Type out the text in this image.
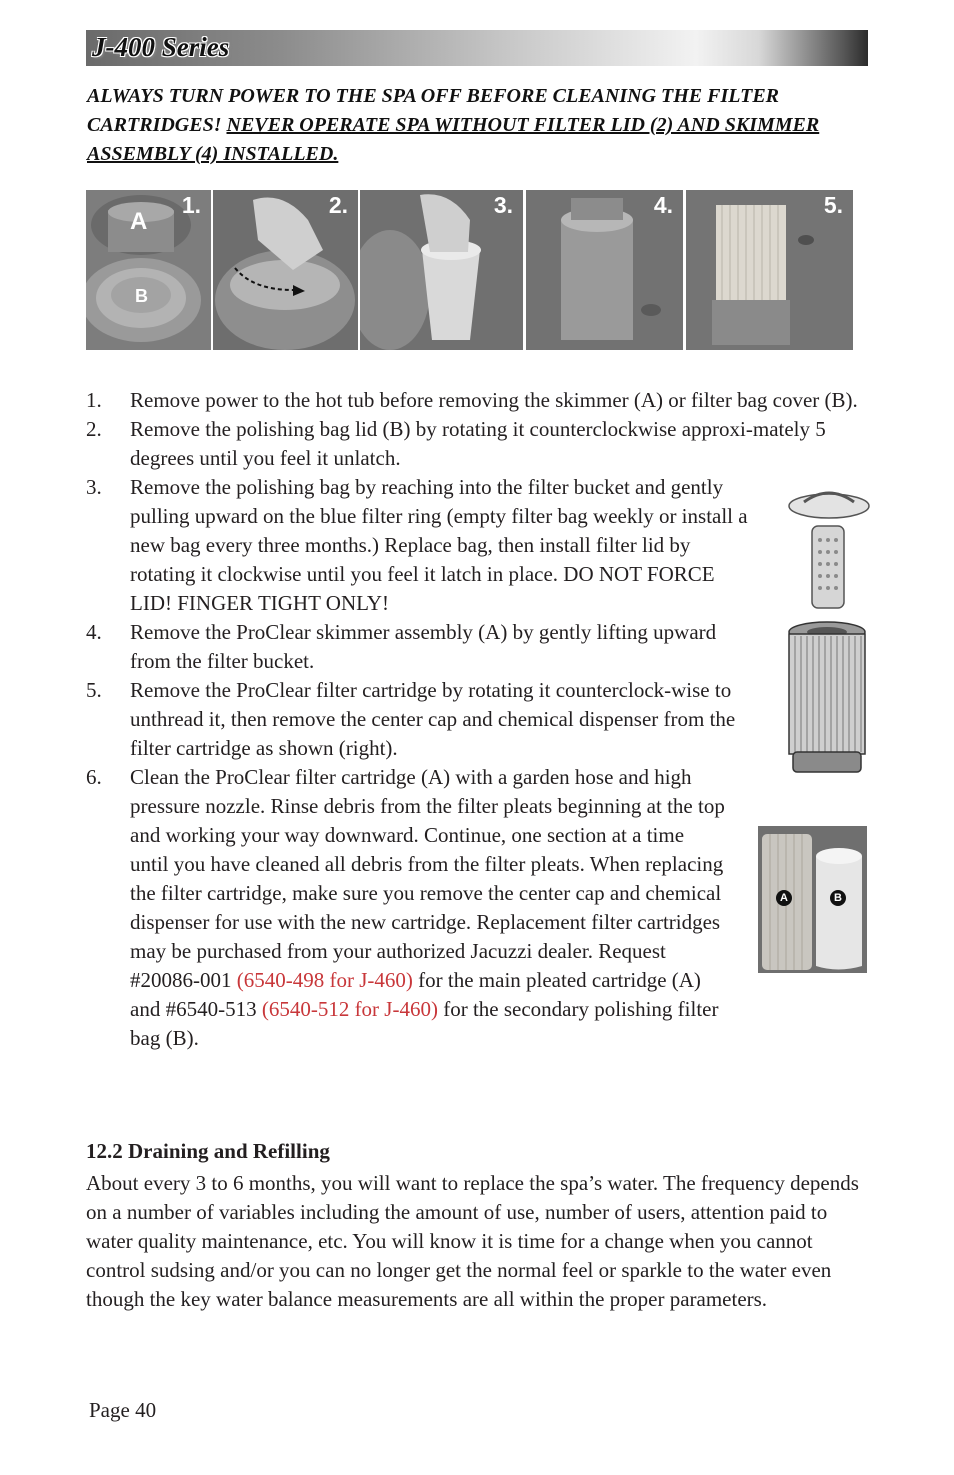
J-400 Series
ALWAYS TURN POWER TO THE SPA OFF BEFORE CLEANING THE FILTER CARTRIDGES! NEVER OPERATE SPA WITHOUT FILTER LID (2) AND SKIMMER ASSEMBLY (4) INSTALLED.
1.
A
B
2.	3.	4.	5.
1. Remove power to the hot tub before removing the skimmer (A) or filter bag cover (B).
2. Remove the polishing bag lid (B) by rotating it counterclockwise approxi-mately 5 degrees until you feel it unlatch.
3. Remove the polishing bag by reaching into the filter bucket and gently pulling upward on the blue filter ring (empty filter bag weekly or install a new bag every three months.) Replace bag, then install filter lid by rotating it clockwise until you feel it latch in place. DO NOT FORCE LID! FINGER TIGHT ONLY!
4. Remove the ProClear skimmer assembly (A) by gently lifting upward from the filter bucket.
5. Remove the ProClear filter cartridge by rotating it counterclock-wise to unthread it, then remove the center cap and chemical dispenser from the filter cartridge as shown (right).
6. Clean the ProClear filter cartridge (A) with a garden hose and high pressure nozzle. Rinse debris from the filter pleats beginning at the top and working your way downward. Continue, one section at a time until you have cleaned all debris from the filter pleats. When replacing the filter cartridge, make sure you remove the center cap and chemical dispenser for use with the new cartridge. Replacement filter cartridges may be purchased from your authorized Jacuzzi dealer. Request #20086-001 (6540-498 for J-460) for the main pleated cartridge (A) and #6540-513 (6540-512 for J-460) for the secondary polishing filter bag (B).
A	B
12.2 Draining and Refilling
About every 3 to 6 months, you will want to replace the spa’s water. The frequency depends on a number of variables including the amount of use, number of users, attention paid to water quality maintenance, etc. You will know it is time for a change when you cannot control sudsing and/or you can no longer get the normal feel or sparkle to the water even though the key water balance measurements are all within the proper parameters.
Page 40
